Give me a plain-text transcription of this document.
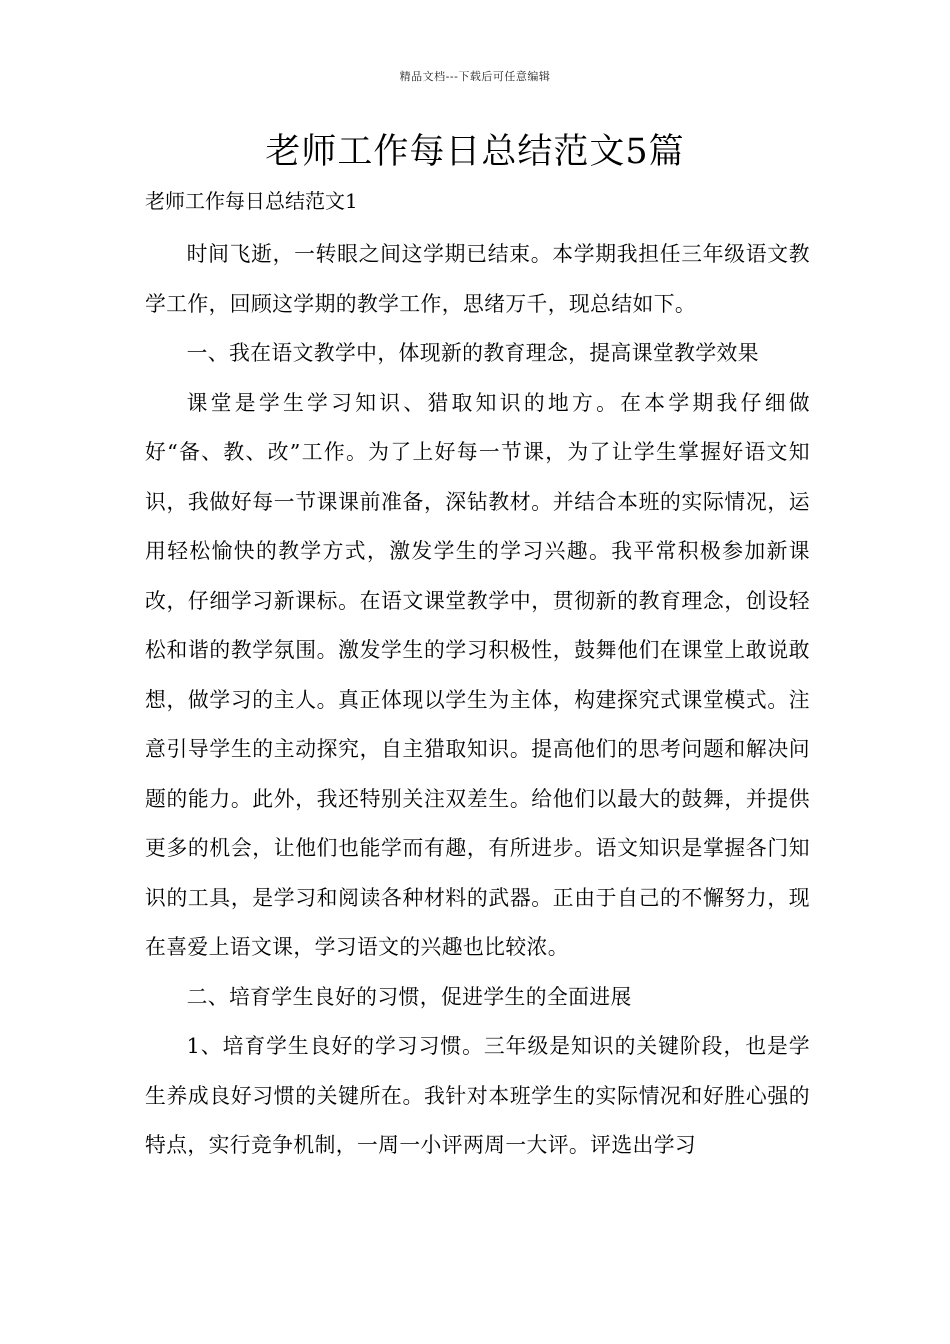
精品文档---下载后可任意编辑
老师工作每日总结范文5篇
老师工作每日总结范文1

时间飞逝，一转眼之间这学期已结束。本学期我担任三年级语文教学工作，回顾这学期的教学工作，思绪万千，现总结如下。

一、我在语文教学中，体现新的教育理念，提高课堂教学效果

课堂是学生学习知识、猎取知识的地方。在本学期我仔细做好“备、教、改”工作。为了上好每一节课，为了让学生掌握好语文知识，我做好每一节课课前准备，深钻教材。并结合本班的实际情况，运用轻松愉快的教学方式，激发学生的学习兴趣。我平常积极参加新课改，仔细学习新课标。在语文课堂教学中，贯彻新的教育理念，创设轻松和谐的教学氛围。激发学生的学习积极性，鼓舞他们在课堂上敢说敢想，做学习的主人。真正体现以学生为主体，构建探究式课堂模式。注意引导学生的主动探究，自主猎取知识。提高他们的思考问题和解决问题的能力。此外，我还特别关注双差生。给他们以最大的鼓舞，并提供更多的机会，让他们也能学而有趣，有所进步。语文知识是掌握各门知识的工具，是学习和阅读各种材料的武器。正由于自己的不懈努力，现在喜爱上语文课，学习语文的兴趣也比较浓。

二、培育学生良好的习惯，促进学生的全面进展

1、培育学生良好的学习习惯。三年级是知识的关键阶段，也是学生养成良好习惯的关键所在。我针对本班学生的实际情况和好胜心强的特点，实行竞争机制，一周一小评两周一大评。评选出学习
